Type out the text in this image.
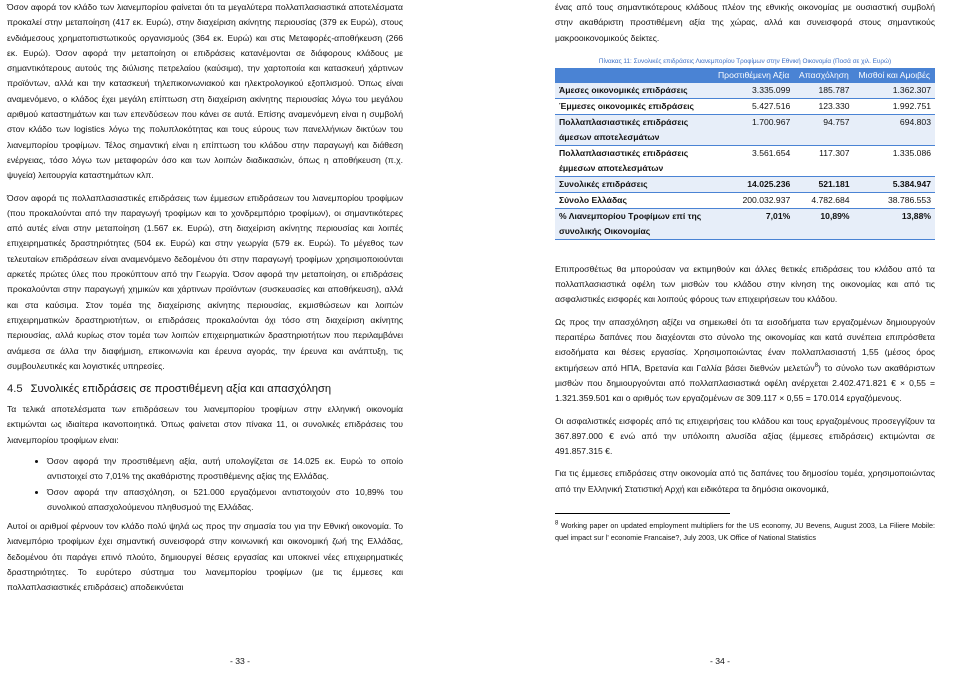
Όσον αφορά τον κλάδο των λιανεμπορίου φαίνεται ότι τα μεγαλύτερα πολλαπλασιαστικά αποτελέσματα προκαλεί στην μεταποίηση (417 εκ. Ευρώ), στην διαχείριση ακίνητης περιουσίας (379 εκ Ευρώ), στους ενδιάμεσους χρηματοπιστωτικούς οργανισμούς (364 εκ. Ευρώ) και στις Μεταφορές-αποθήκευση (266 εκ. Ευρώ). Όσον αφορά την μεταποίηση οι επιδράσεις κατανέμονται σε διάφορους κλάδους με σημαντικότερους αυτούς της διύλισης πετρελαίου (καύσιμα), την χαρτοποιία και κατασκευή χάρτινων προϊόντων, αλλά και την κατασκευή τηλεπικοινωνιακού και ηλεκτρολογικού εξοπλισμού. Όπως είναι αναμενόμενο, ο κλάδος έχει μεγάλη επίπτωση στη διαχείριση ακίνητης περιουσίας λόγω του μεγάλου αριθμού καταστημάτων και των επενδύσεων που κάνει σε αυτά. Επίσης αναμενόμενη είναι η συμβολή στον κλάδο των logistics λόγω της πολυπλοκότητας και τους εύρους των πανελλήνιων δικτύων του λιανεμπορίου τροφίμων. Τέλος σημαντική είναι η επίπτωση του κλάδου στην παραγωγή και διάθεση ενέργειας, τόσο λόγω των μεταφορών όσο και των λοιπών διαδικασιών, όπως η αποθήκευση (π.χ. ψυγεία) λειτουργία καταστημάτων κλπ.

Όσον αφορά τις πολλαπλασιαστικές επιδράσεις των έμμεσων επιδράσεων του λιανεμπορίου τροφίμων (που προκαλούνται από την παραγωγή τροφίμων και το χονδρεμπόριο τροφίμων), οι σημαντικότερες από αυτές είναι στην μεταποίηση (1.567 εκ. Ευρώ), στη διαχείριση ακίνητης περιουσίας και λοιπές επιχειρηματικές δραστηριότητες (504 εκ. Ευρώ) και στην γεωργία (579 εκ. Ευρώ). Το μέγεθος των τελευταίων επιδράσεων είναι αναμενόμενο δεδομένου ότι στην παραγωγή τροφίμων χρησιμοποιούνται αρκετές πρώτες ύλες που προκύπτουν από την Γεωργία. Όσον αφορά την μεταποίηση, οι επιδράσεις προκαλούνται στην παραγωγή χημικών και χάρτινων προϊόντων (συσκευασίες και αποθήκευση), αλλά και στα καύσιμα. Στον τομέα της διαχείρισης ακίνητης περιουσίας, εκμισθώσεων και λοιπών επιχειρηματικών δραστηριοτήτων, οι επιδράσεις προκαλούνται όχι τόσο στη διαχείριση ακίνητης περιουσίας, αλλά κυρίως στον τομέα των λοιπών επιχειρηματικών δραστηριοτήτων που περιλαμβάνει ανάμεσα σε άλλα την διαφήμιση, επικοινωνία και έρευνα αγοράς, την έρευνα και ανάπτυξη, τις συμβουλευτικές και λογιστικές υπηρεσίες.

4.5 Συνολικές επιδράσεις σε προστιθέμενη αξία και απασχόληση

Τα τελικά αποτελέσματα των επιδράσεων του λιανεμπορίου τροφίμων στην ελληνική οικονομία εκτιμώνται ως ιδιαίτερα ικανοποιητικά. Όπως φαίνεται στον πίνακα 11, οι συνολικές επιδράσεις του λιανεμπορίου τροφίμων είναι:

• Όσον αφορά την προστιθέμενη αξία, αυτή υπολογίζεται σε 14.025 εκ. Ευρώ το οποίο αντιστοιχεί στο 7,01% της ακαθάριστης προστιθέμενης αξίας της Ελλάδας.
• Όσον αφορά την απασχόληση, οι 521.000 εργαζόμενοι αντιστοιχούν στο 10,89% του συνολικού απασχολούμενου πληθυσμού της Ελλάδας.

Αυτοί οι αριθμοί φέρνουν τον κλάδο πολύ ψηλά ως προς την σημασία του για την Εθνική οικονομία. Το λιανεμπόριο τροφίμων έχει σημαντική συνεισφορά στην κοινωνική και οικονομική ζωή της Ελλάδας, δεδομένου ότι παράγει επινό πλούτο, δημιουργεί θέσεις εργασίας και υποκινεί νέες επιχειρηματικές δραστηριότητες. Το ευρύτερο σύστημα του λιανεμπορίου τροφίμων (με τις έμμεσες και πολλαπλασιαστικές επιδράσεις) αποδεικνύεται

- 33 -

ένας από τους σημαντικότερους κλάδους πλέον της εθνικής οικονομίας με ουσιαστική συμβολή στην ακαθάριστη προστιθέμενη αξία της χώρας, αλλά και συνεισφορά στους σημαντικούς μακροοικονομικούς δείκτες.

Πίνακας 11: Συνολικές επιδράσεις Λιανεμπορίου Τροφίμων στην Εθνική Οικονομία (Ποσά σε χιλ. Ευρώ)
	Προστιθέμενη Αξία	Απασχόληση	Μισθοί και Αμοιβές
Άμεσες οικονομικές επιδράσεις	3.335.099	185.787	1.362.307
Έμμεσες οικονομικές επιδράσεις	5.427.516	123.330	1.992.751
Πολλαπλασιαστικές επιδράσεις άμεσων αποτελεσμάτων	1.700.967	94.757	694.803
Πολλαπλασιαστικές επιδράσεις έμμεσων αποτελεσμάτων	3.561.654	117.307	1.335.086
Συνολικές επιδράσεις	14.025.236	521.181	5.384.947
Σύνολο Ελλάδας	200.032.937	4.782.684	38.786.553
% Λιανεμπορίου Τροφίμων επί της συνολικής Οικονομίας	7,01%	10,89%	13,88%

Επιπροσθέτως θα μπορούσαν να εκτιμηθούν και άλλες θετικές επιδράσεις του κλάδου από τα πολλαπλασιαστικά οφέλη των μισθών του κλάδου στην κίνηση της οικονομίας και από τις ασφαλιστικές εισφορές και λοιπούς φόρους των επιχειρήσεων του κλάδου.

Ως προς την απασχόληση αξίζει να σημειωθεί ότι τα εισοδήματα των εργαζομένων δημιουργούν περαιτέρω δαπάνες που διαχέονται στο σύνολο της οικονομίας και κατά συνέπεια επιπρόσθετα εισοδήματα και θέσεις εργασίας. Χρησιμοποιώντας έναν πολλαπλασιαστή 1,55 (μέσος όρος εκτιμήσεων από ΗΠΑ, Βρετανία και Γαλλία βάσει διεθνών μελετών$^8$) το σύνολο των ακαθάριστων μισθών που δημιουργούνται από πολλαπλασιαστικά οφέλη ανέρχεται 2.402.471.821 € × 0,55 = 1.321.359.501 και ο αριθμός των εργαζομένων σε 309.117 × 0,55 = 170.014 εργαζόμενους.

Οι ασφαλιστικές εισφορές από τις επιχειρήσεις του κλάδου και τους εργαζομένους προσεγγίζουν τα 367.897.000 € ενώ από την υπόλοιπη αλυσίδα αξίας (έμμεσες επιδράσεις) εκτιμώνται σε 491.857.315 €.

Για τις έμμεσες επιδράσεις στην οικονομία από τις δαπάνες του δημοσίου τομέα, χρησιμοποιώντας από την Ελληνική Στατιστική Αρχή και ειδικότερα τα δημόσια οικονομικά,

$^8$ Working paper on updated employment multipliers for the US economy, JU Bevens, August 2003, La Filiere Mobile: quel impact sur l' economie Francaise?, July 2003, UK Office of National Statistics

- 34 -
